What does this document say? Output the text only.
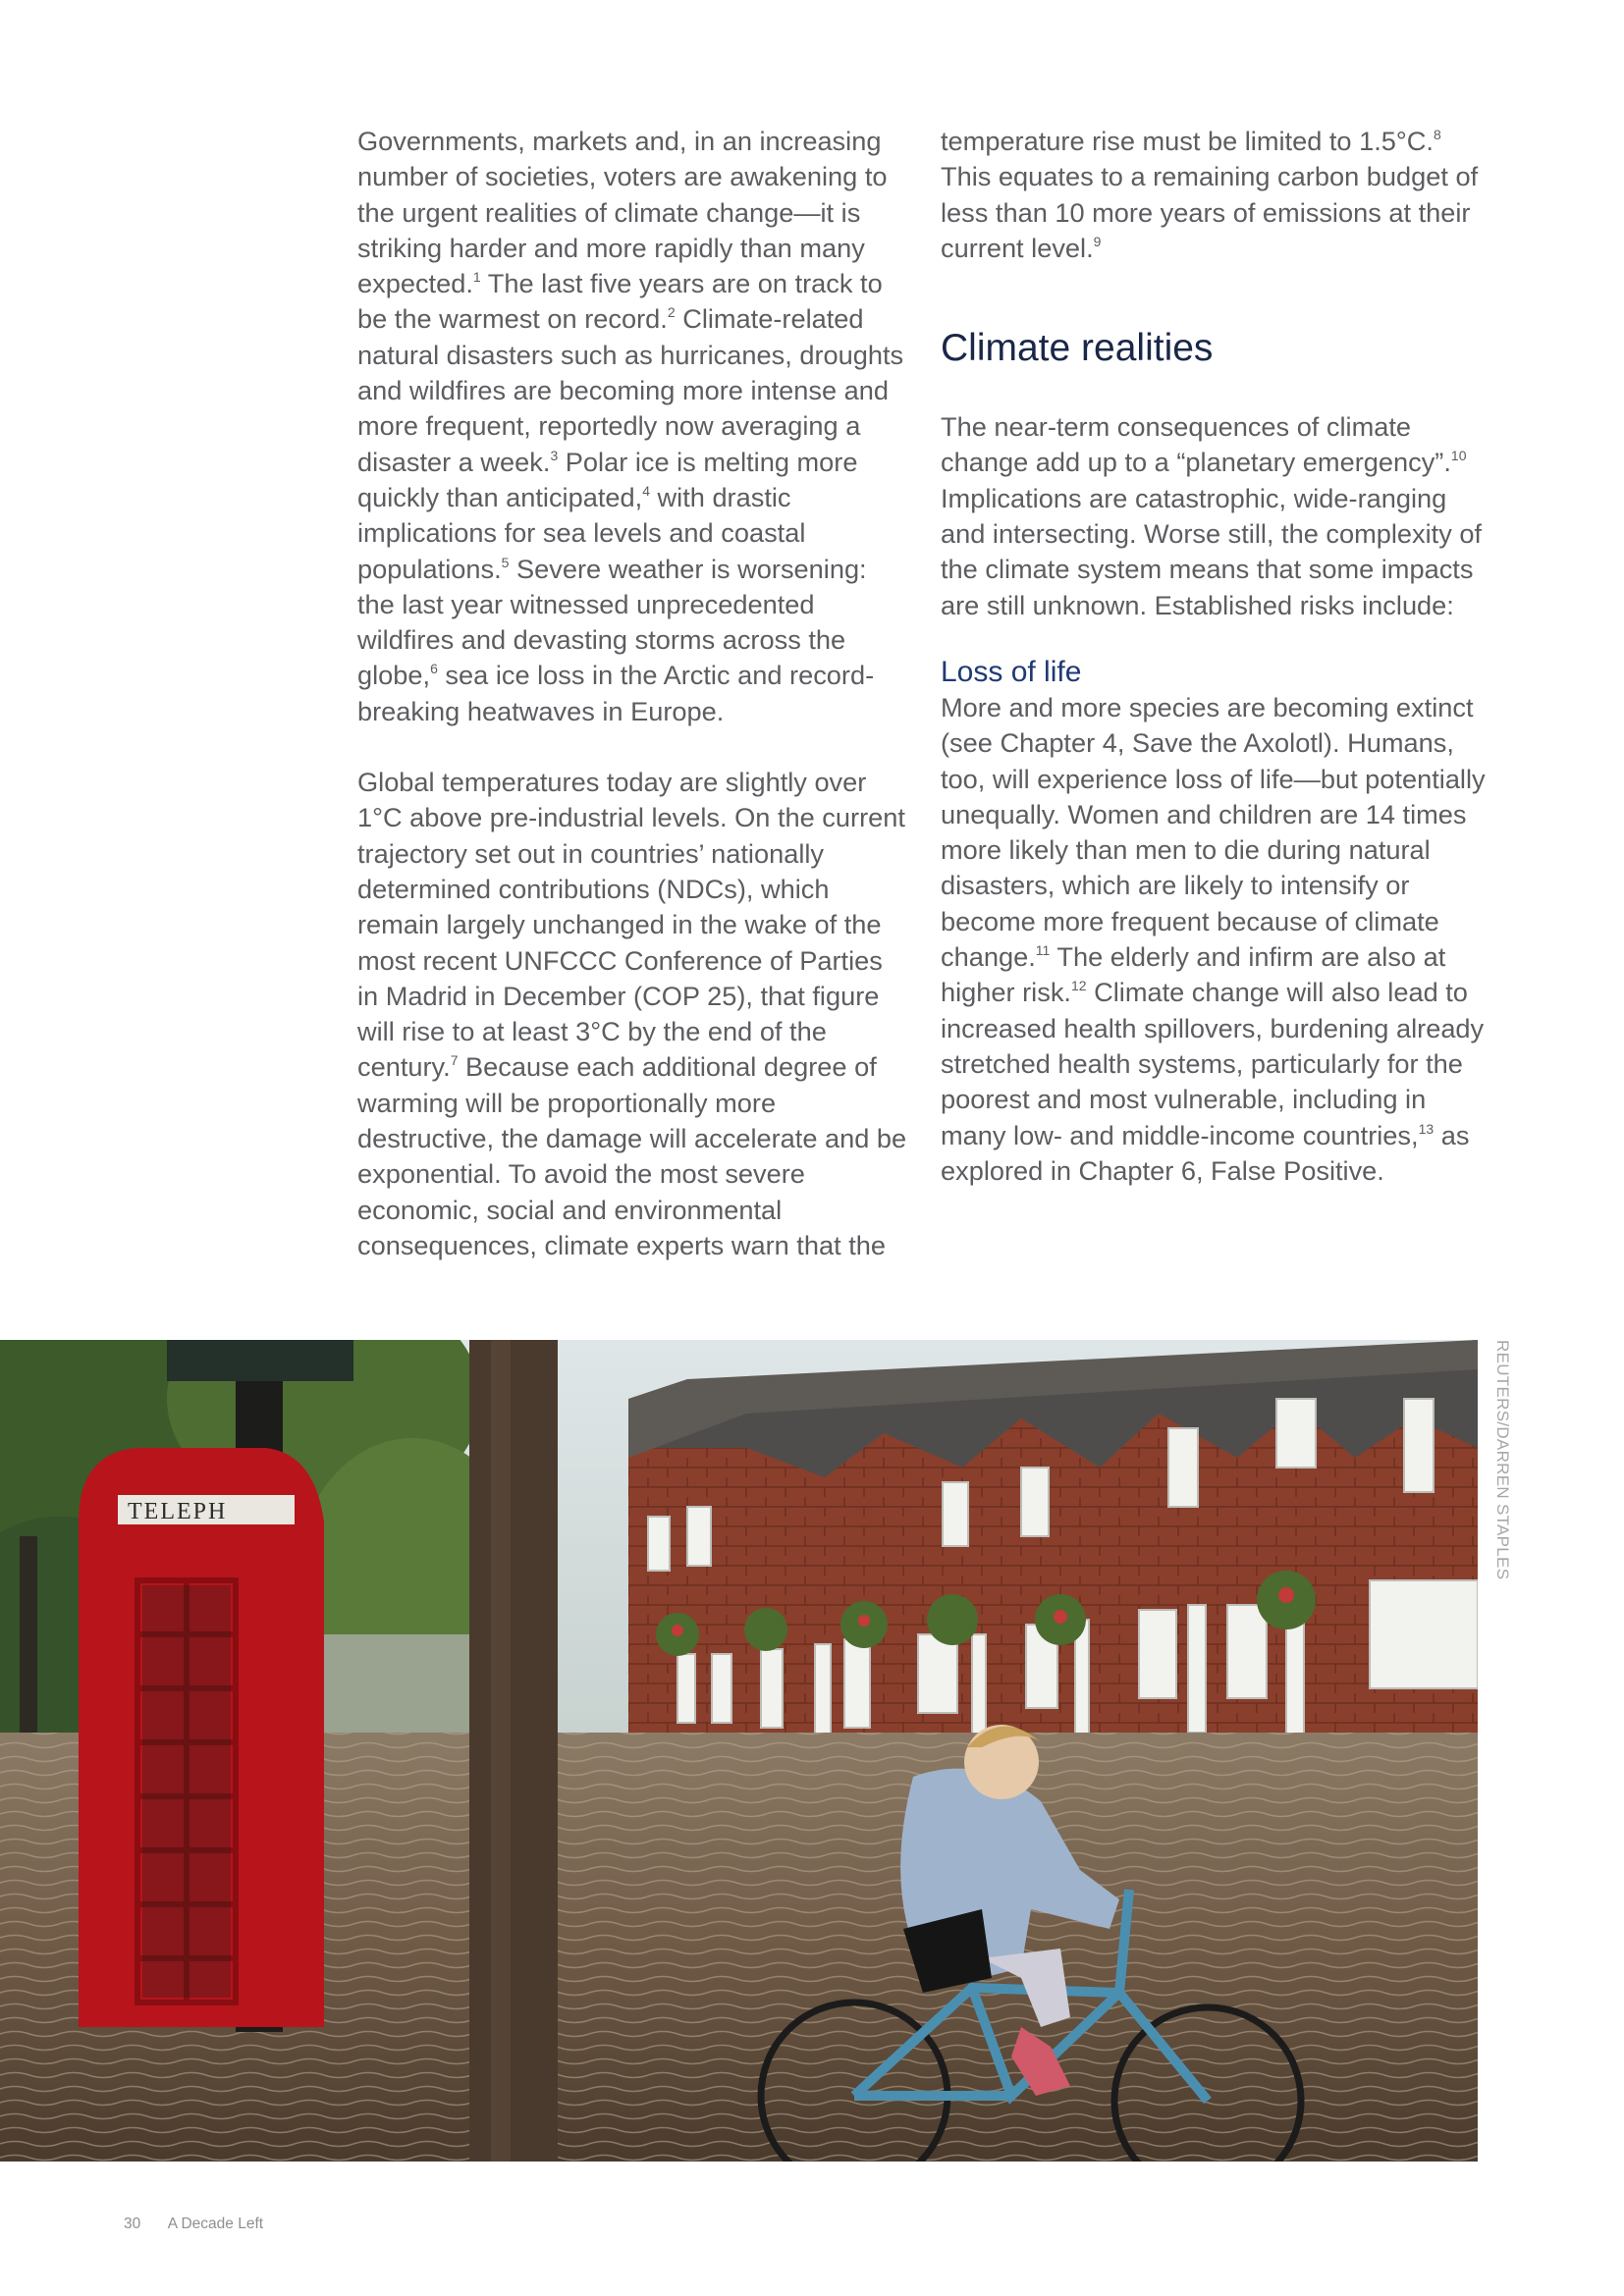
Governments, markets and, in an increasing number of societies, voters are awakening to the urgent realities of climate change—it is striking harder and more rapidly than many expected.$^1$ The last five years are on track to be the warmest on record.$^2$ Climate-related natural disasters such as hurricanes, droughts and wildfires are becoming more intense and more frequent, reportedly now averaging a disaster a week.$^3$ Polar ice is melting more quickly than anticipated,$^4$ with drastic implications for sea levels and coastal populations.$^5$ Severe weather is worsening: the last year witnessed unprecedented wildfires and devasting storms across the globe,$^6$ sea ice loss in the Arctic and record-breaking heatwaves in Europe.

Global temperatures today are slightly over 1°C above pre-industrial levels. On the current trajectory set out in countries’ nationally determined contributions (NDCs), which remain largely unchanged in the wake of the most recent UNFCCC Conference of Parties in Madrid in December (COP 25), that figure will rise to at least 3°C by the end of the century.$^7$ Because each additional degree of warming will be proportionally more destructive, the damage will accelerate and be exponential. To avoid the most severe economic, social and environmental consequences, climate experts warn that the

temperature rise must be limited to 1.5°C.$^8$ This equates to a remaining carbon budget of less than 10 more years of emissions at their current level.$^9$

Climate realities

The near-term consequences of climate change add up to a “planetary emergency”.$^{10}$ Implications are catastrophic, wide-ranging and intersecting. Worse still, the complexity of the climate system means that some impacts are still unknown. Established risks include:

Loss of life

More and more species are becoming extinct (see Chapter 4, Save the Axolotl). Humans, too, will experience loss of life—but potentially unequally. Women and children are 14 times more likely than men to die during natural disasters, which are likely to intensify or become more frequent because of climate change.$^{11}$ The elderly and infirm are also at higher risk.$^{12}$ Climate change will also lead to increased health spillovers, burdening already stretched health systems, particularly for the poorest and most vulnerable, including in many low- and middle-income countries,$^{13}$ as explored in Chapter 6, False Positive.

TELEPH	REUTERS/DARREN STAPLES
30 A Decade Left
